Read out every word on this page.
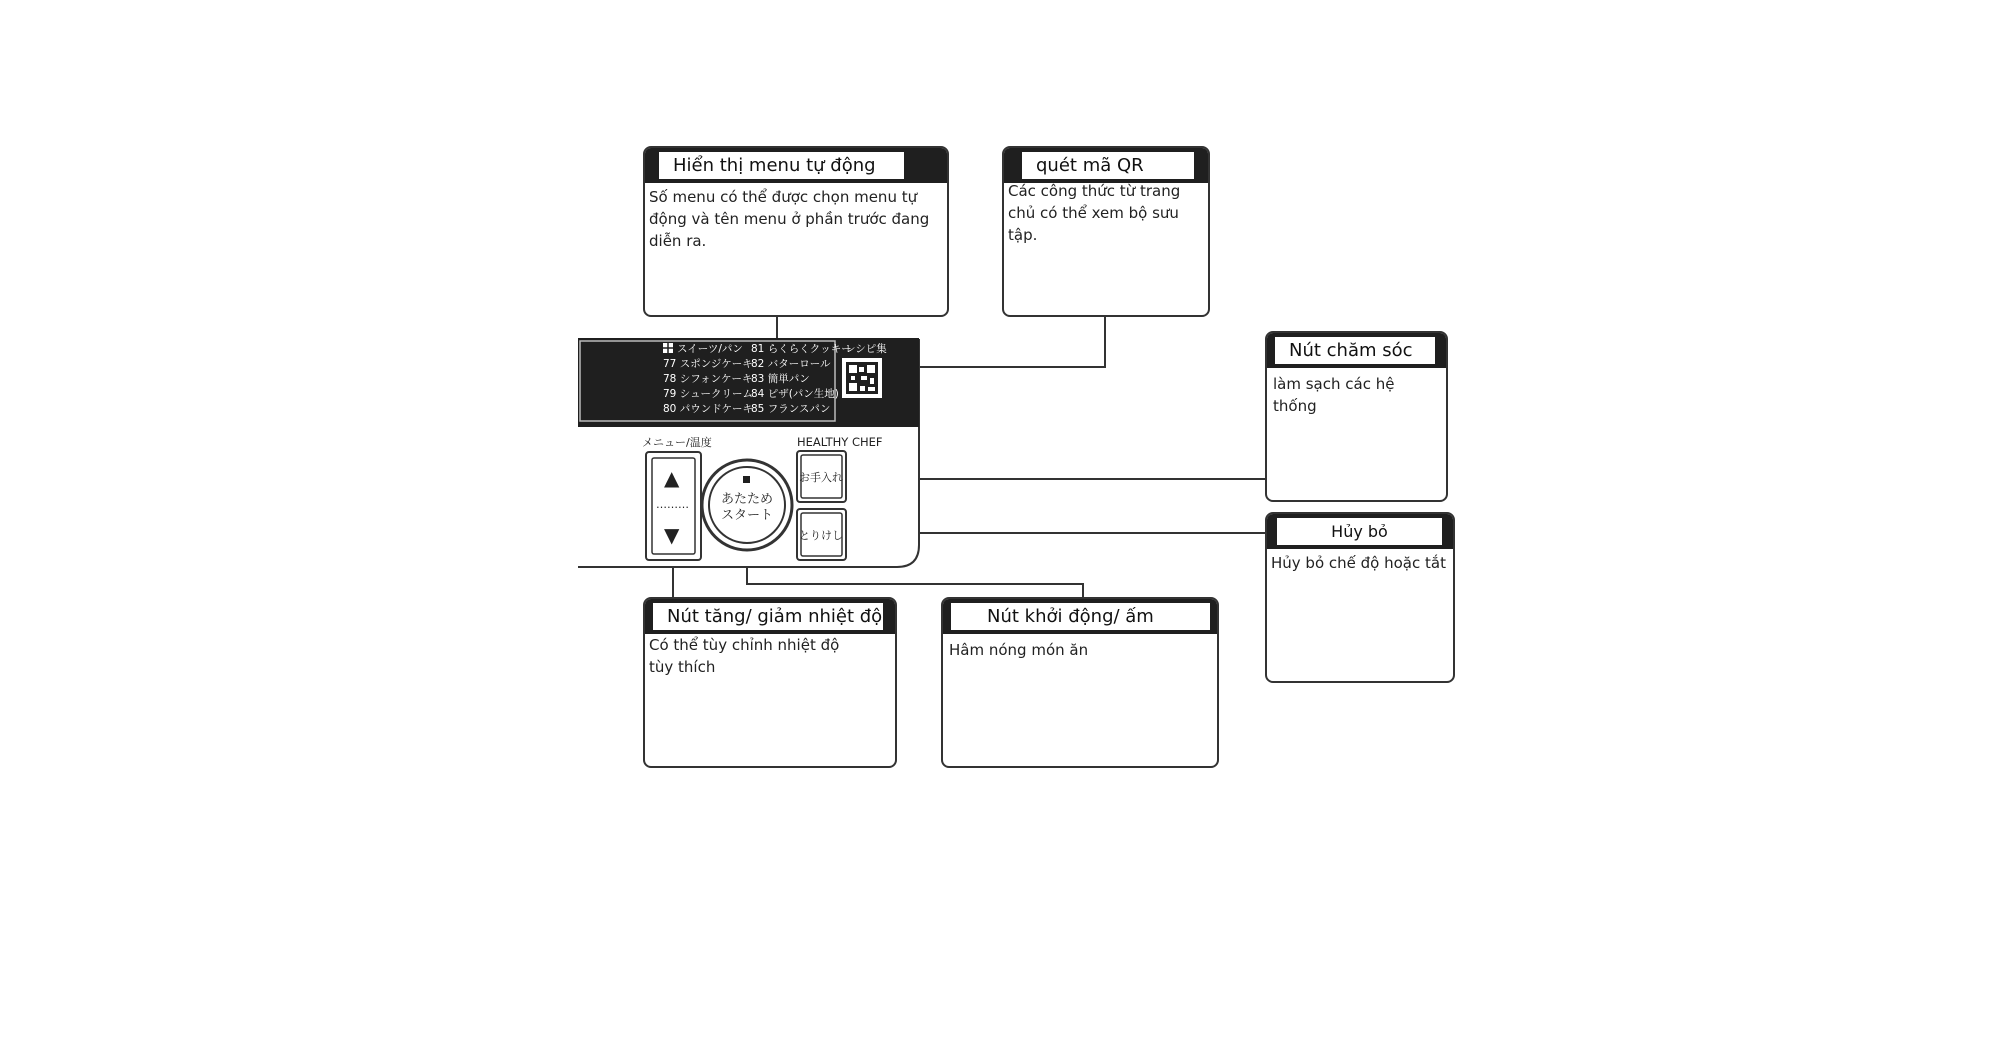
スイーツ/パン
77 スポンジケーキ
78 シフォンケーキ
79 シュークリーム
80 パウンドケーキ
81 らくらくクッキー
82 バターロール
83 簡単パン
84 ピザ(パン生地)
85 フランスパン
レシピ集
メニュー/温度
▲
………
▼
あたため
スタート
HEALTHY CHEF
お手入れ
とりけし
Hiển thị menu tự động
Số menu có thể được chọn menu tự động và tên menu ở phần trước đang diễn ra.
quét mã QR
Các công thức từ trang chủ có thể xem bộ sưu tập.
Nút chăm sóc
làm sạch các hệ thống
Hủy bỏ
Hủy bỏ chế độ hoặc tắt
Nút tăng/ giảm nhiệt độ
Có thể tùy chỉnh nhiệt độ tùy thích
Nút khởi động/ ấm
Hâm nóng món ăn
